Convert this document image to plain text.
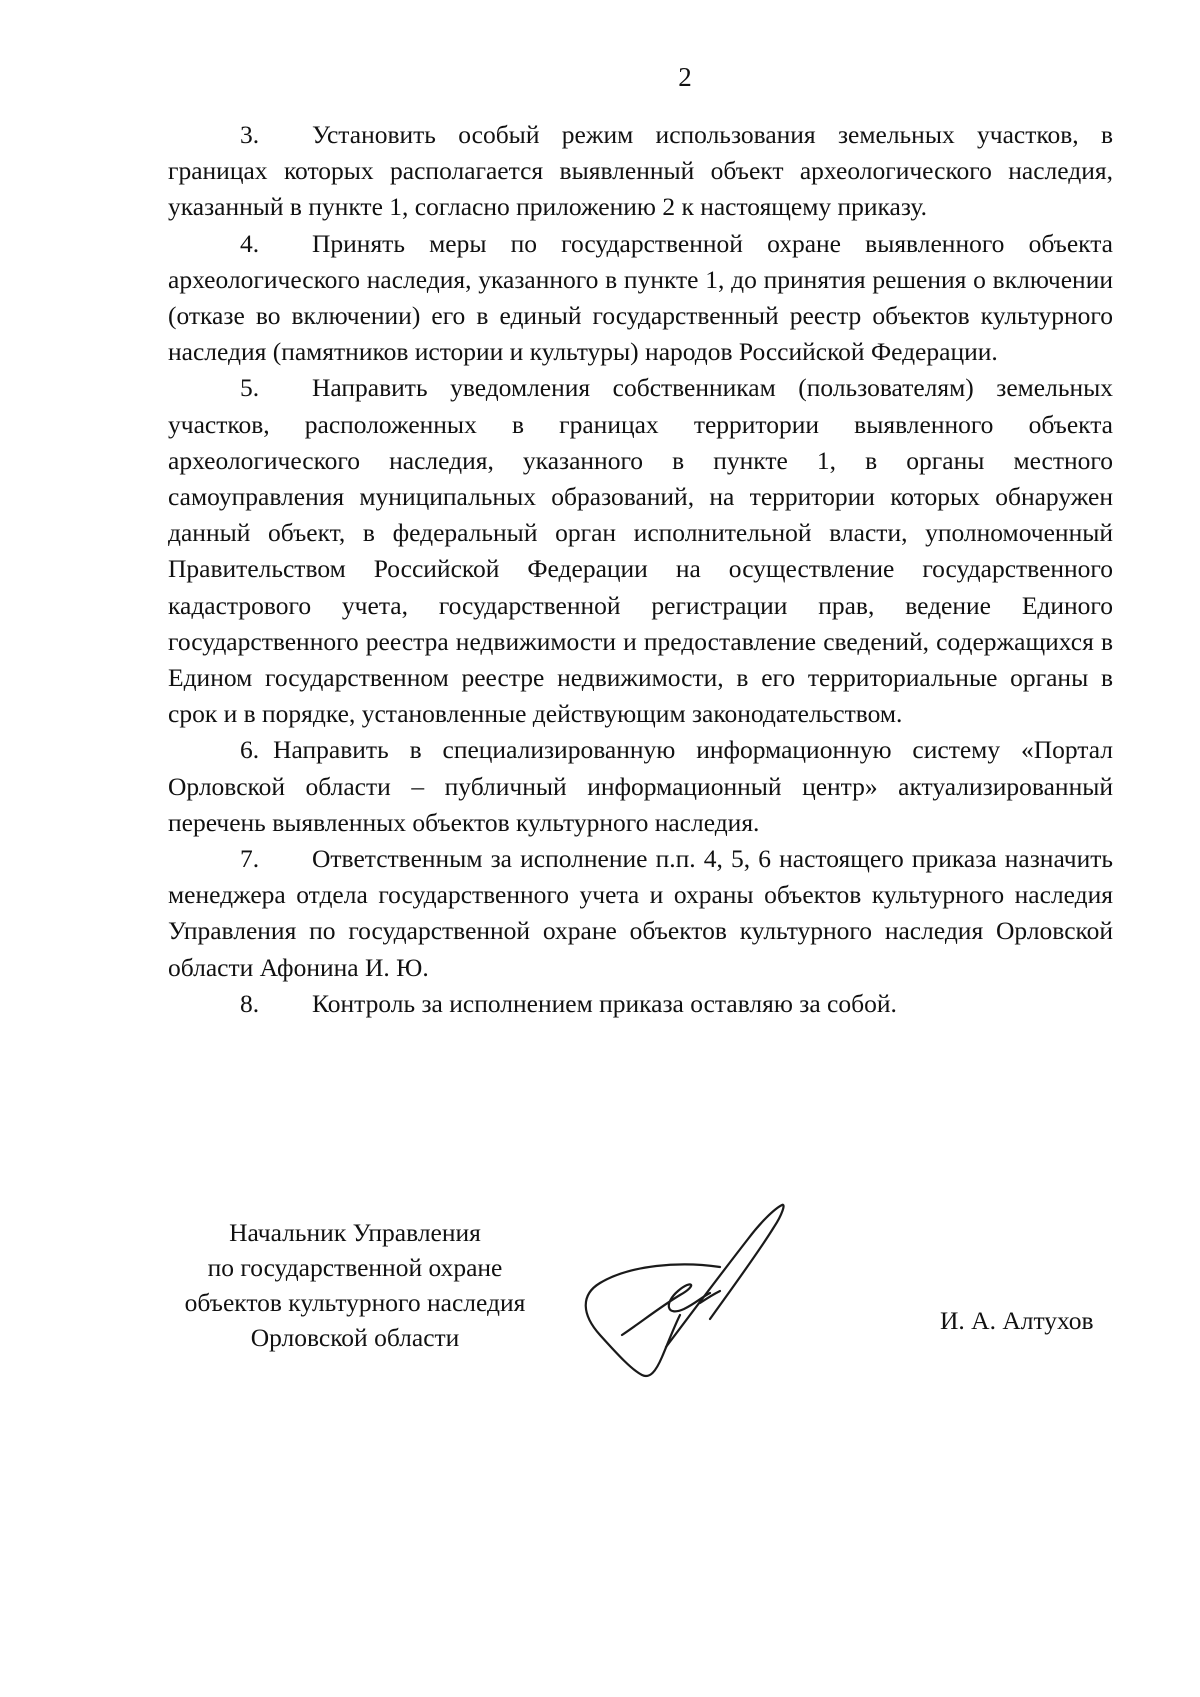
2

3. Установить особый режим использования земельных участков, в границах которых располагается выявленный объект археологического наследия, указанный в пункте 1, согласно приложению 2 к настоящему приказу.

4. Принять меры по государственной охране выявленного объекта археологического наследия, указанного в пункте 1, до принятия решения о включении (отказе во включении) его в единый государственный реестр объектов культурного наследия (памятников истории и культуры) народов Российской Федерации.

5. Направить уведомления собственникам (пользователям) земельных участков, расположенных в границах территории выявленного объекта археологического наследия, указанного в пункте 1, в органы местного самоуправления муниципальных образований, на территории которых обнаружен данный объект, в федеральный орган исполнительной власти, уполномоченный Правительством Российской Федерации на осуществление государственного кадастрового учета, государственной регистрации прав, ведение Единого государственного реестра недвижимости и предоставление сведений, содержащихся в Едином государственном реестре недвижимости, в его территориальные органы в срок и в порядке, установленные действующим законодательством.

6. Направить в специализированную информационную систему «Портал Орловской области – публичный информационный центр» актуализированный перечень выявленных объектов культурного наследия.

7. Ответственным за исполнение п.п. 4, 5, 6 настоящего приказа назначить менеджера отдела государственного учета и охраны объектов культурного наследия Управления по государственной охране объектов культурного наследия Орловской области Афонина И. Ю.

8. Контроль за исполнением приказа оставляю за собой.

Начальник Управления
по государственной охране
объектов культурного наследия
Орловской области
И. А. Алтухов
